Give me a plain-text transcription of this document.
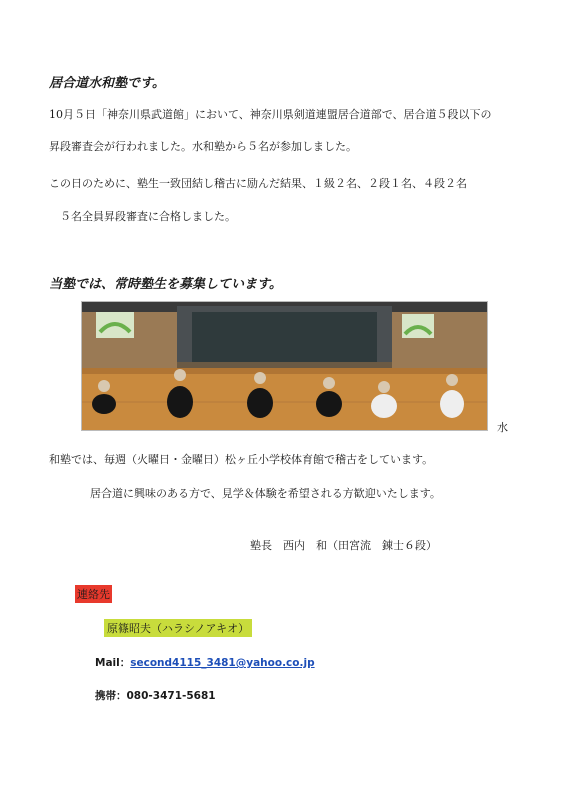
居合道水和塾です。
10月５日「神奈川県武道館」において、神奈川県剣道連盟居合道部で、居合道５段以下の
昇段審査会が行われました。水和塾から５名が参加しました。
この日のために、塾生一致団結し稽古に励んだ結果、１級２名、２段１名、４段２名
５名全員昇段審査に合格しました。
当塾では、常時塾生を募集しています。
水
和塾では、毎週（火曜日・金曜日）松ヶ丘小学校体育館で稽古をしています。
居合道に興味のある方で、見学＆体験を希望される方歓迎いたします。
塾長　西内　和（田宮流　錬士６段）
連絡先
原篠昭夫（ハラシノアキオ）
Mail：second4115_3481@yahoo.co.jp
携帯：080-3471-5681
